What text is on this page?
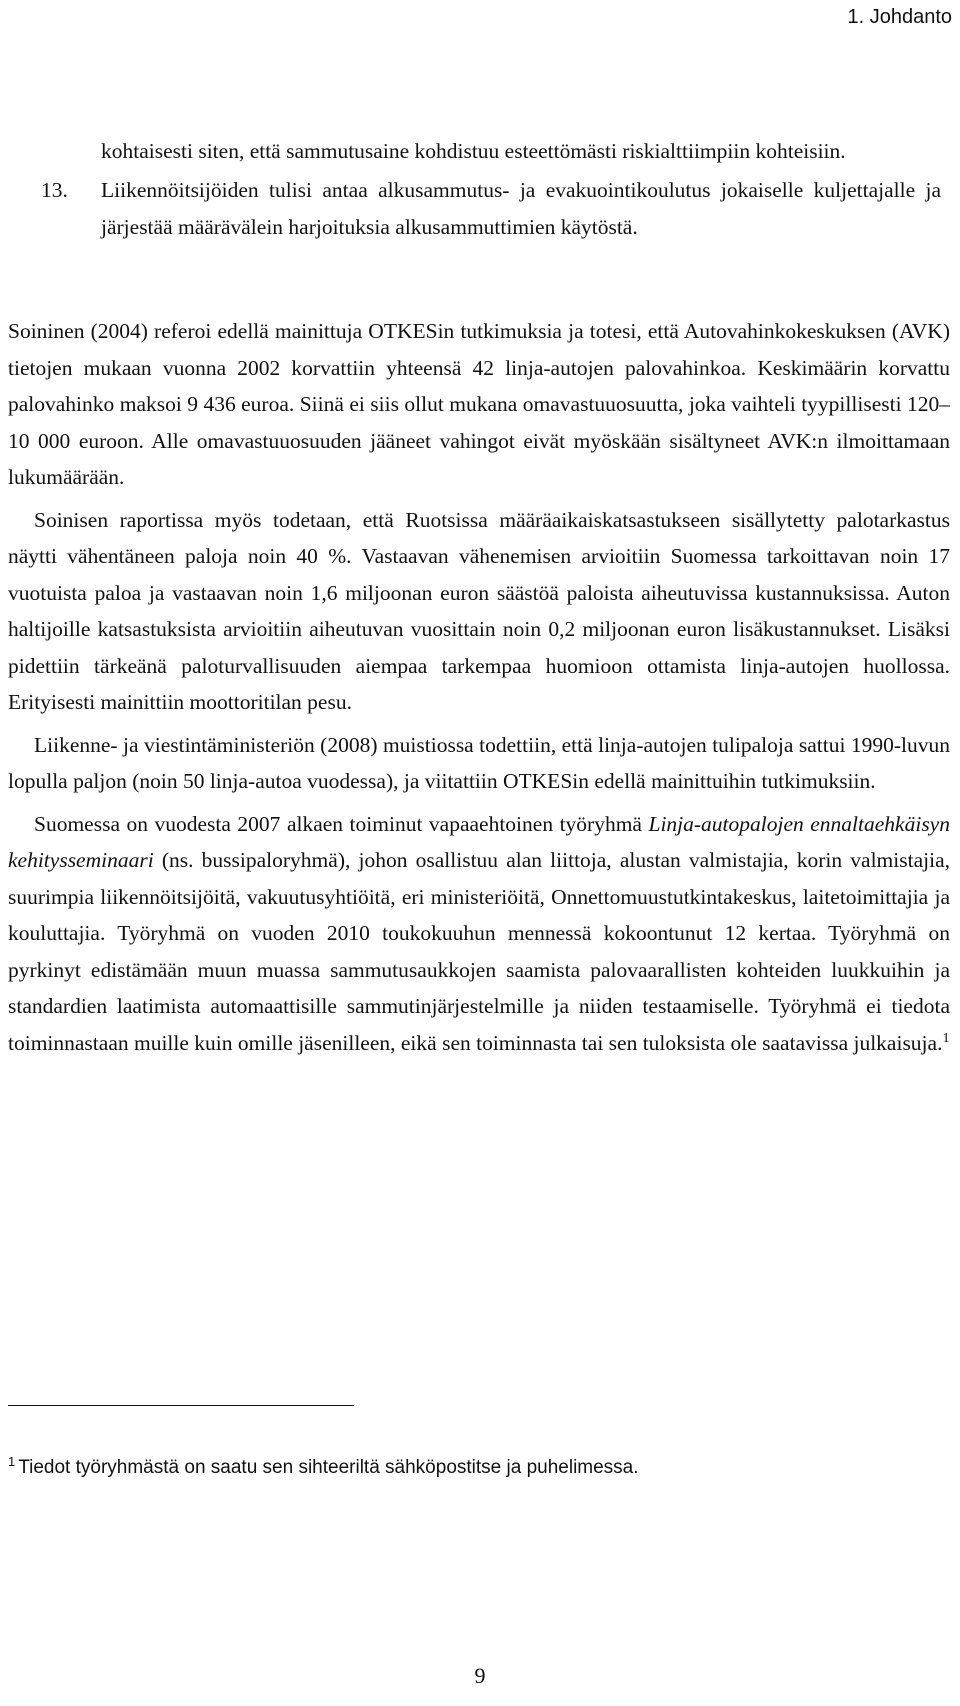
1. Johdanto
kohtaisesti siten, että sammutusaine kohdistuu esteettömästi riskialttiimpiin kohteisiin.
13. Liikennöitsijöiden tulisi antaa alkusammutus- ja evakuointikoulutus jokaiselle kuljettajalle ja järjestää määrävälein harjoituksia alkusammuttimien käytöstä.

Soininen (2004) referoi edellä mainittuja OTKESin tutkimuksia ja totesi, että Autovahinkokeskuksen (AVK) tietojen mukaan vuonna 2002 korvattiin yhteensä 42 linja-autojen palovahinkoa. Keskimäärin korvattu palovahinko maksoi 9 436 euroa. Siinä ei siis ollut mukana omavastuuosuutta, joka vaihteli tyypillisesti 120–10 000 euroon. Alle omavastuuosuuden jääneet vahingot eivät myöskään sisältyneet AVK:n ilmoittamaan lukumäärään.

Soinisen raportissa myös todetaan, että Ruotsissa määräaikaiskatsastukseen sisällytetty palotarkastus näytti vähentäneen paloja noin 40 %. Vastaavan vähenemisen arvioitiin Suomessa tarkoittavan noin 17 vuotuista paloa ja vastaavan noin 1,6 miljoonan euron säästöä paloista aiheutuvissa kustannuksissa. Auton haltijoille katsastuksista arvioitiin aiheutuvan vuosittain noin 0,2 miljoonan euron lisäkustannukset. Lisäksi pidettiin tärkeänä paloturvallisuuden aiempaa tarkempaa huomioon ottamista linja-autojen huollossa. Erityisesti mainittiin moottoritilan pesu.

Liikenne- ja viestintäministeriön (2008) muistiossa todettiin, että linja-autojen tulipaloja sattui 1990-luvun lopulla paljon (noin 50 linja-autoa vuodessa), ja viitattiin OTKESin edellä mainittuihin tutkimuksiin.

Suomessa on vuodesta 2007 alkaen toiminut vapaaehtoinen työryhmä Linja-autopalojen ennaltaehkäisyn kehitysseminaari (ns. bussipaloryhmä), johon osallistuu alan liittoja, alustan valmistajia, korin valmistajia, suurimpia liikennöitsijöitä, vakuutusyhtiöitä, eri ministeriöitä, Onnettomuustutkintakeskus, laitetoimittajia ja kouluttajia. Työryhmä on vuoden 2010 toukokuuhun mennessä kokoontunut 12 kertaa. Työryhmä on pyrkinyt edistämään muun muassa sammutusaukkojen saamista palovaarallisten kohteiden luukkuihin ja standardien laatimista automaattisille sammutinjärjestelmille ja niiden testaamiselle. Työryhmä ei tiedota toiminnastaan muille kuin omille jäsenilleen, eikä sen toiminnasta tai sen tuloksista ole saatavissa julkaisuja.$^1$

$^1$ Tiedot työryhmästä on saatu sen sihteeriltä sähköpostitse ja puhelimessa.
9
